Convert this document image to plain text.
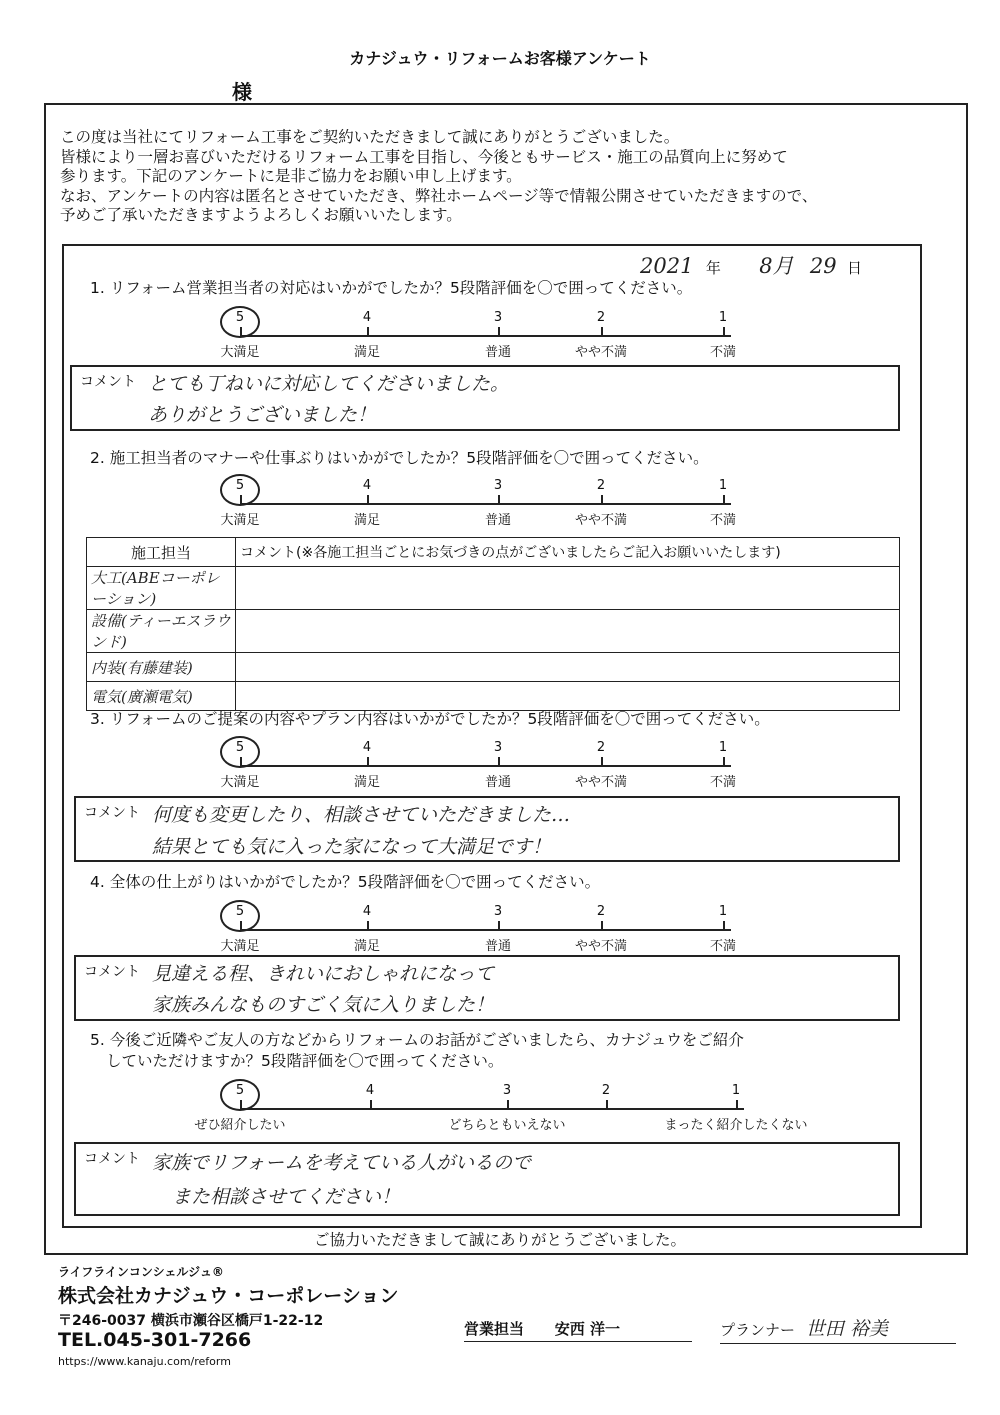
カナジュウ・リフォームお客様アンケート
様
この度は当社にてリフォーム工事をご契約いただきまして誠にありがとうございました。
皆様により一層お喜びいただけるリフォーム工事を目指し、今後ともサービス・施工の品質向上に努めて
参ります。下記のアンケートに是非ご協力をお願い申し上げます。
なお、アンケートの内容は匿名とさせていただき、弊社ホームページ等で情報公開させていただきますので、
予めご了承いただきますようよろしくお願いいたします。
2021 年 8月 29 日
1. リフォーム営業担当者の対応はいかがでしたか？5段階評価を〇で囲ってください。
5
大満足
4
満足
3
普通
2
やや不満
1
不満
コメント とても丁ねいに対応してくださいました。
ありがとうございました！
2. 施工担当者のマナーや仕事ぶりはいかがでしたか？5段階評価を〇で囲ってください。
5
大満足
4
満足
3
普通
2
やや不満
1
不満
施工担当	コメント(※各施工担当ごとにお気づきの点がございましたらご記入お願いいたします)
大工(ABEコーポレーション)	
設備(ティーエスラウンド)	
内装(有藤建装)	
電気(廣瀬電気)	
3. リフォームのご提案の内容やプラン内容はいかがでしたか？5段階評価を〇で囲ってください。
5
大満足
4
満足
3
普通
2
やや不満
1
不満
コメント 何度も変更したり、相談させていただきました…
結果とても気に入った家になって大満足です！
4. 全体の仕上がりはいかがでしたか？5段階評価を〇で囲ってください。
5
大満足
4
満足
3
普通
2
やや不満
1
不満
コメント 見違える程、きれいにおしゃれになって
家族みんなものすごく気に入りました！
5. 今後ご近隣やご友人の方などからリフォームのお話がございましたら、カナジュウをご紹介
していただけますか？5段階評価を〇で囲ってください。
5	4	3	2	1
ぜひ紹介したい	どちらともいえない	まったく紹介したくない
コメント 家族でリフォームを考えている人がいるので
また相談させてください！
ご協力いただきまして誠にありがとうございました。
ライフラインコンシェルジュ®
株式会社カナジュウ・コーポレーション
〒246-0037 横浜市瀬谷区橋戸1-22-12
TEL.045-301-7266
https://www.kanaju.com/reform
営業担当 安西 洋一	プランナー 世田 裕美
